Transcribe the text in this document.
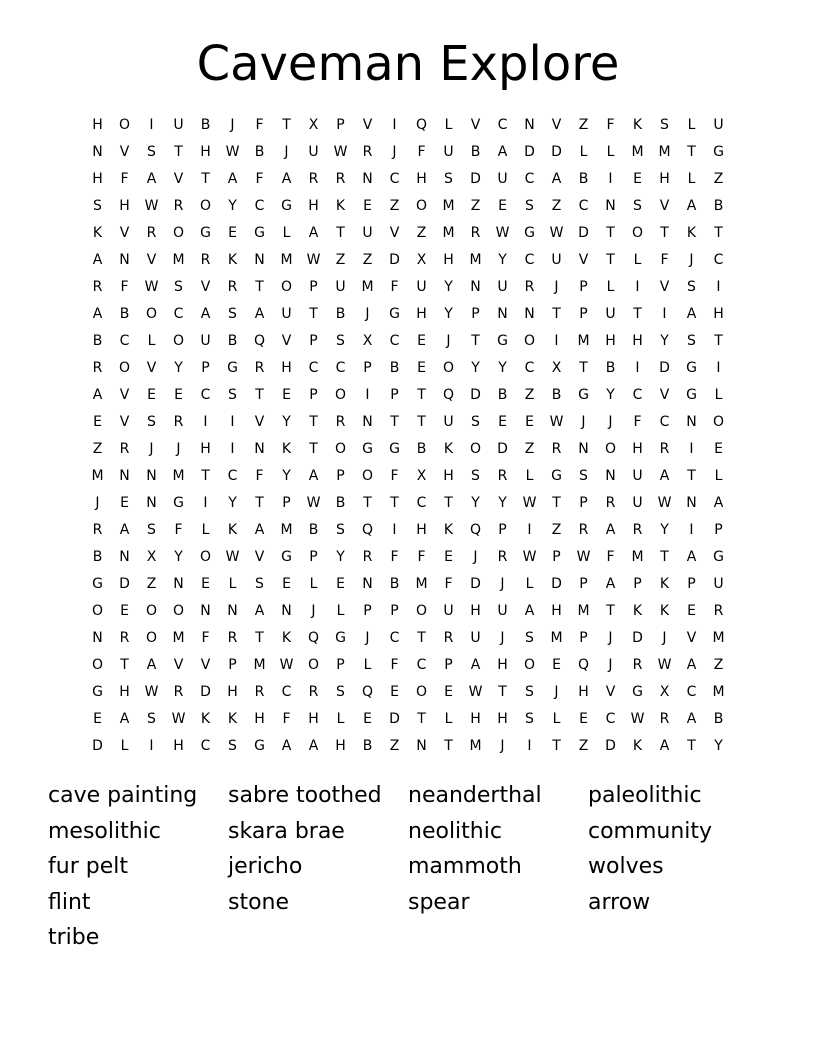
Caveman Explore
H	O	I	U	B	J	F	T	X	P	V	I	Q	L	V	C	N	V	Z	F	K	S	L	U
N	V	S	T	H	W	B	J	U	W	R	J	F	U	B	A	D	D	L	L	M	M	T	G
H	F	A	V	T	A	F	A	R	R	N	C	H	S	D	U	C	A	B	I	E	H	L	Z
S	H	W	R	O	Y	C	G	H	K	E	Z	O	M	Z	E	S	Z	C	N	S	V	A	B
K	V	R	O	G	E	G	L	A	T	U	V	Z	M	R	W	G	W	D	T	O	T	K	T
A	N	V	M	R	K	N	M	W	Z	Z	D	X	H	M	Y	C	U	V	T	L	F	J	C
R	F	W	S	V	R	T	O	P	U	M	F	U	Y	N	U	R	J	P	L	I	V	S	I
A	B	O	C	A	S	A	U	T	B	J	G	H	Y	P	N	N	T	P	U	T	I	A	H
B	C	L	O	U	B	Q	V	P	S	X	C	E	J	T	G	O	I	M	H	H	Y	S	T
R	O	V	Y	P	G	R	H	C	C	P	B	E	O	Y	Y	C	X	T	B	I	D	G	I
A	V	E	E	C	S	T	E	P	O	I	P	T	Q	D	B	Z	B	G	Y	C	V	G	L
E	V	S	R	I	I	V	Y	T	R	N	T	T	U	S	E	E	W	J	J	F	C	N	O
Z	R	J	J	H	I	N	K	T	O	G	G	B	K	O	D	Z	R	N	O	H	R	I	E
M	N	N	M	T	C	F	Y	A	P	O	F	X	H	S	R	L	G	S	N	U	A	T	L
J	E	N	G	I	Y	T	P	W	B	T	T	C	T	Y	Y	W	T	P	R	U	W	N	A
R	A	S	F	L	K	A	M	B	S	Q	I	H	K	Q	P	I	Z	R	A	R	Y	I	P
B	N	X	Y	O	W	V	G	P	Y	R	F	F	E	J	R	W	P	W	F	M	T	A	G
G	D	Z	N	E	L	S	E	L	E	N	B	M	F	D	J	L	D	P	A	P	K	P	U
O	E	O	O	N	N	A	N	J	L	P	P	O	U	H	U	A	H	M	T	K	K	E	R
N	R	O	M	F	R	T	K	Q	G	J	C	T	R	U	J	S	M	P	J	D	J	V	M
O	T	A	V	V	P	M	W	O	P	L	F	C	P	A	H	O	E	Q	J	R	W	A	Z
G	H	W	R	D	H	R	C	R	S	Q	E	O	E	W	T	S	J	H	V	G	X	C	M
E	A	S	W	K	K	H	F	H	L	E	D	T	L	H	H	S	L	E	C	W	R	A	B
D	L	I	H	C	S	G	A	A	H	B	Z	N	T	M	J	I	T	Z	D	K	A	T	Y
cave painting	sabre toothed	neanderthal	paleolithic
mesolithic	skara brae	neolithic	community
fur pelt	jericho	mammoth	wolves
flint	stone	spear	arrow
tribe
